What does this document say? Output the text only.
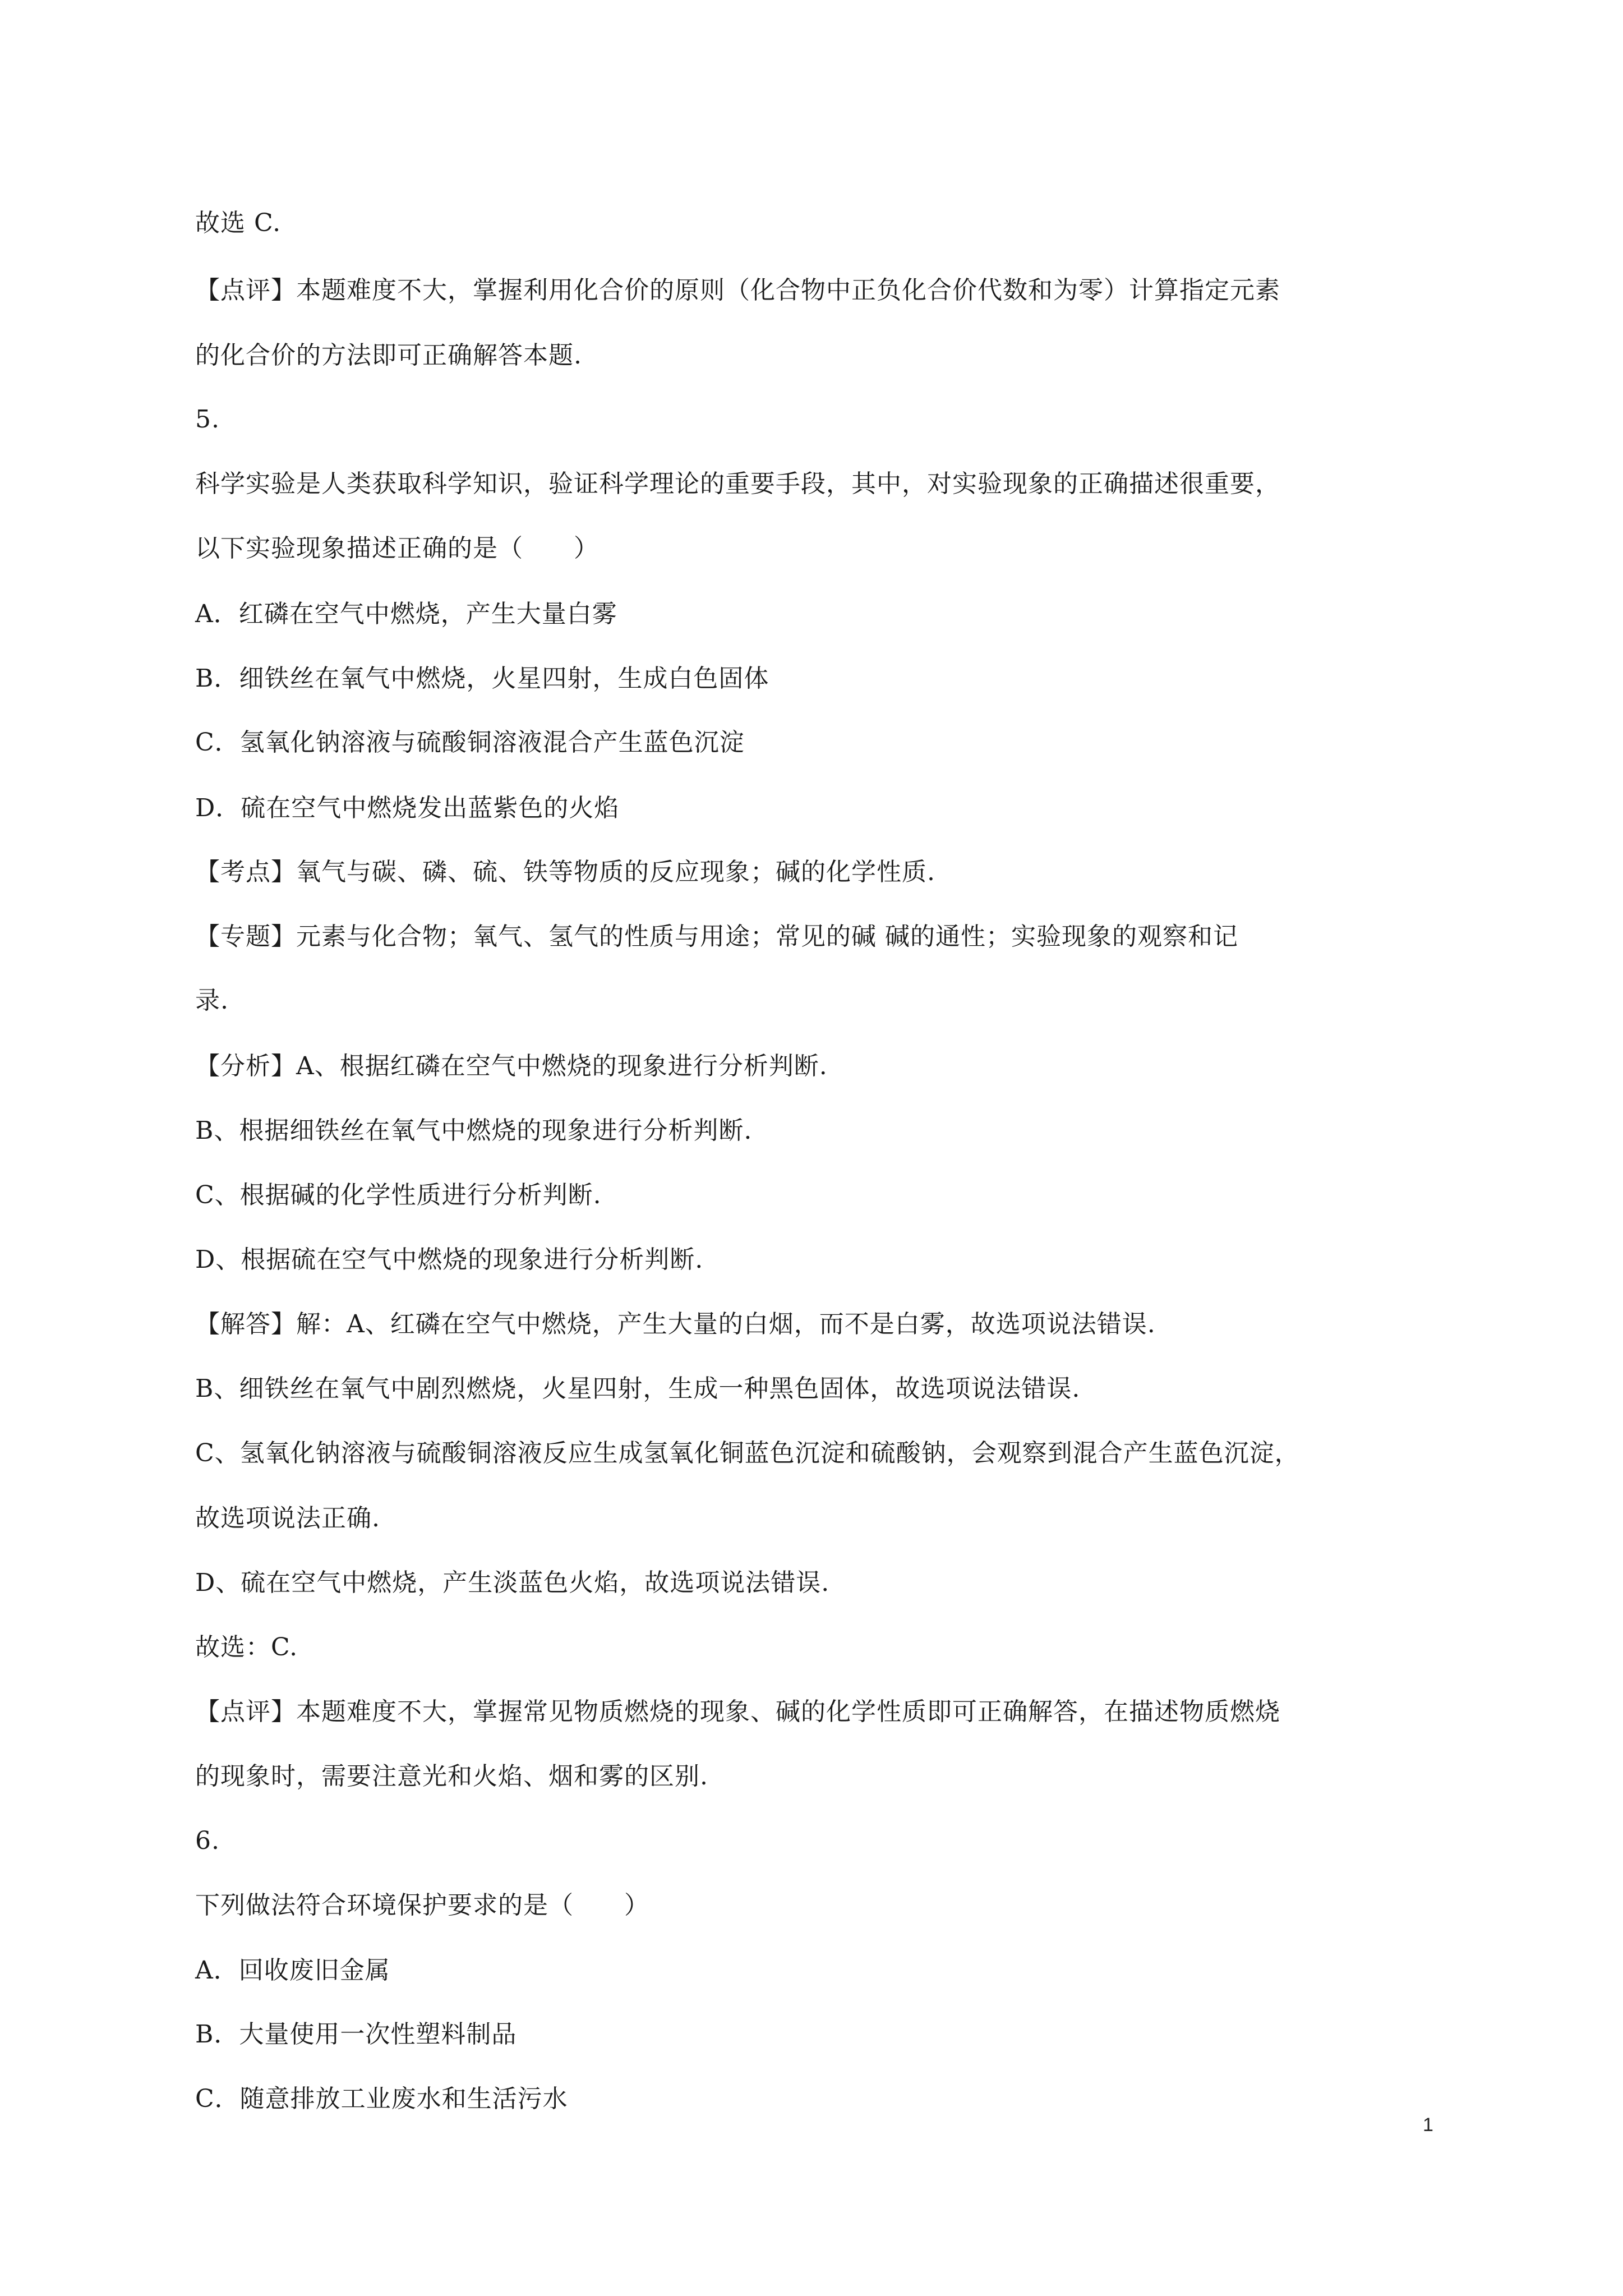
故选 C.

【点评】本题难度不大，掌握利用化合价的原则（化合物中正负化合价代数和为零）计算指定元素

的化合价的方法即可正确解答本题.

5.

科学实验是人类获取科学知识，验证科学理论的重要手段，其中，对实验现象的正确描述很重要，

以下实验现象描述正确的是（　　）

A．红磷在空气中燃烧，产生大量白雾

B．细铁丝在氧气中燃烧，火星四射，生成白色固体

C．氢氧化钠溶液与硫酸铜溶液混合产生蓝色沉淀

D．硫在空气中燃烧发出蓝紫色的火焰

【考点】氧气与碳、磷、硫、铁等物质的反应现象；碱的化学性质.

【专题】元素与化合物；氧气、氢气的性质与用途；常见的碱 碱的通性；实验现象的观察和记

录.

【分析】A、根据红磷在空气中燃烧的现象进行分析判断.

B、根据细铁丝在氧气中燃烧的现象进行分析判断.

C、根据碱的化学性质进行分析判断.

D、根据硫在空气中燃烧的现象进行分析判断.

【解答】解：A、红磷在空气中燃烧，产生大量的白烟，而不是白雾，故选项说法错误.

B、细铁丝在氧气中剧烈燃烧，火星四射，生成一种黑色固体，故选项说法错误.

C、氢氧化钠溶液与硫酸铜溶液反应生成氢氧化铜蓝色沉淀和硫酸钠，会观察到混合产生蓝色沉淀，

故选项说法正确.

D、硫在空气中燃烧，产生淡蓝色火焰，故选项说法错误.

故选：C.

【点评】本题难度不大，掌握常见物质燃烧的现象、碱的化学性质即可正确解答，在描述物质燃烧

的现象时，需要注意光和火焰、烟和雾的区别.

6.

下列做法符合环境保护要求的是（　　）

A．回收废旧金属

B．大量使用一次性塑料制品

C．随意排放工业废水和生活污水

1
